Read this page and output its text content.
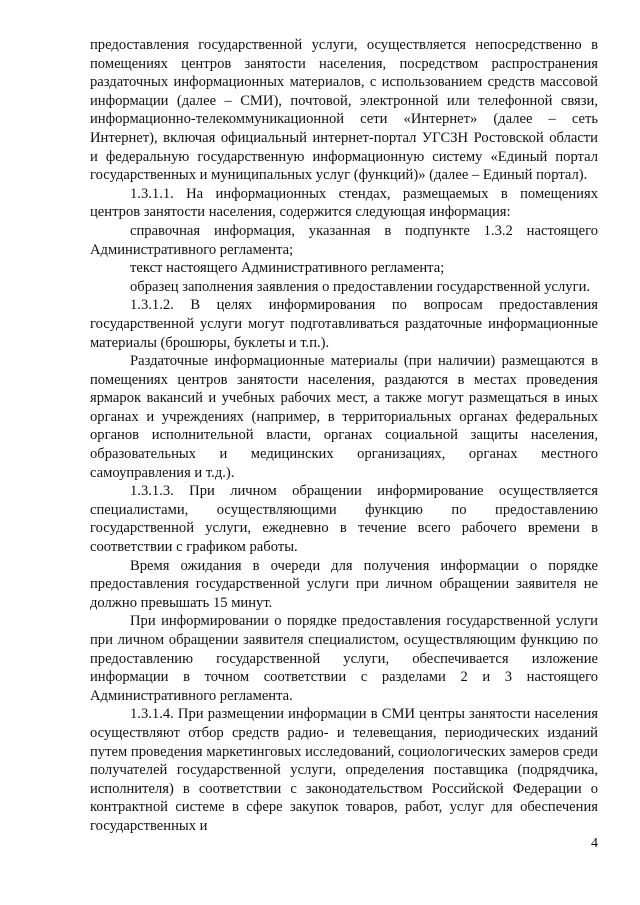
предоставления государственной услуги, осуществляется непосредственно в помещениях центров занятости населения, посредством распространения раздаточных информационных материалов, с использованием средств массовой информации (далее – СМИ), почтовой, электронной или телефонной связи, информационно-телекоммуникационной сети «Интернет» (далее – сеть Интернет), включая официальный интернет-портал УГСЗН Ростовской области и федеральную государственную информационную систему «Единый портал государственных и муниципальных услуг (функций)» (далее – Единый портал).

1.3.1.1. На информационных стендах, размещаемых в помещениях центров занятости населения, содержится следующая информация:

справочная информация, указанная в подпункте 1.3.2 настоящего Административного регламента;

текст настоящего Административного регламента;

образец заполнения заявления о предоставлении государственной услуги.

1.3.1.2. В целях информирования по вопросам предоставления государственной услуги могут подготавливаться раздаточные информационные материалы (брошюры, буклеты и т.п.).

Раздаточные информационные материалы (при наличии) размещаются в помещениях центров занятости населения, раздаются в местах проведения ярмарок вакансий и учебных рабочих мест, а также могут размещаться в иных органах и учреждениях (например, в территориальных органах федеральных органов исполнительной власти, органах социальной защиты населения, образовательных и медицинских организациях, органах местного самоуправления и т.д.).

1.3.1.3. При личном обращении информирование осуществляется специалистами, осуществляющими функцию по предоставлению государственной услуги, ежедневно в течение всего рабочего времени в соответствии с графиком работы.

Время ожидания в очереди для получения информации о порядке предоставления государственной услуги при личном обращении заявителя не должно превышать 15 минут.

При информировании о порядке предоставления государственной услуги при личном обращении заявителя специалистом, осуществляющим функцию по предоставлению государственной услуги, обеспечивается изложение информации в точном соответствии с разделами 2 и 3 настоящего Административного регламента.

1.3.1.4. При размещении информации в СМИ центры занятости населения осуществляют отбор средств радио- и телевещания, периодических изданий путем проведения маркетинговых исследований, социологических замеров среди получателей государственной услуги, определения поставщика (подрядчика, исполнителя) в соответствии с законодательством Российской Федерации о контрактной системе в сфере закупок товаров, работ, услуг для обеспечения государственных и

4
